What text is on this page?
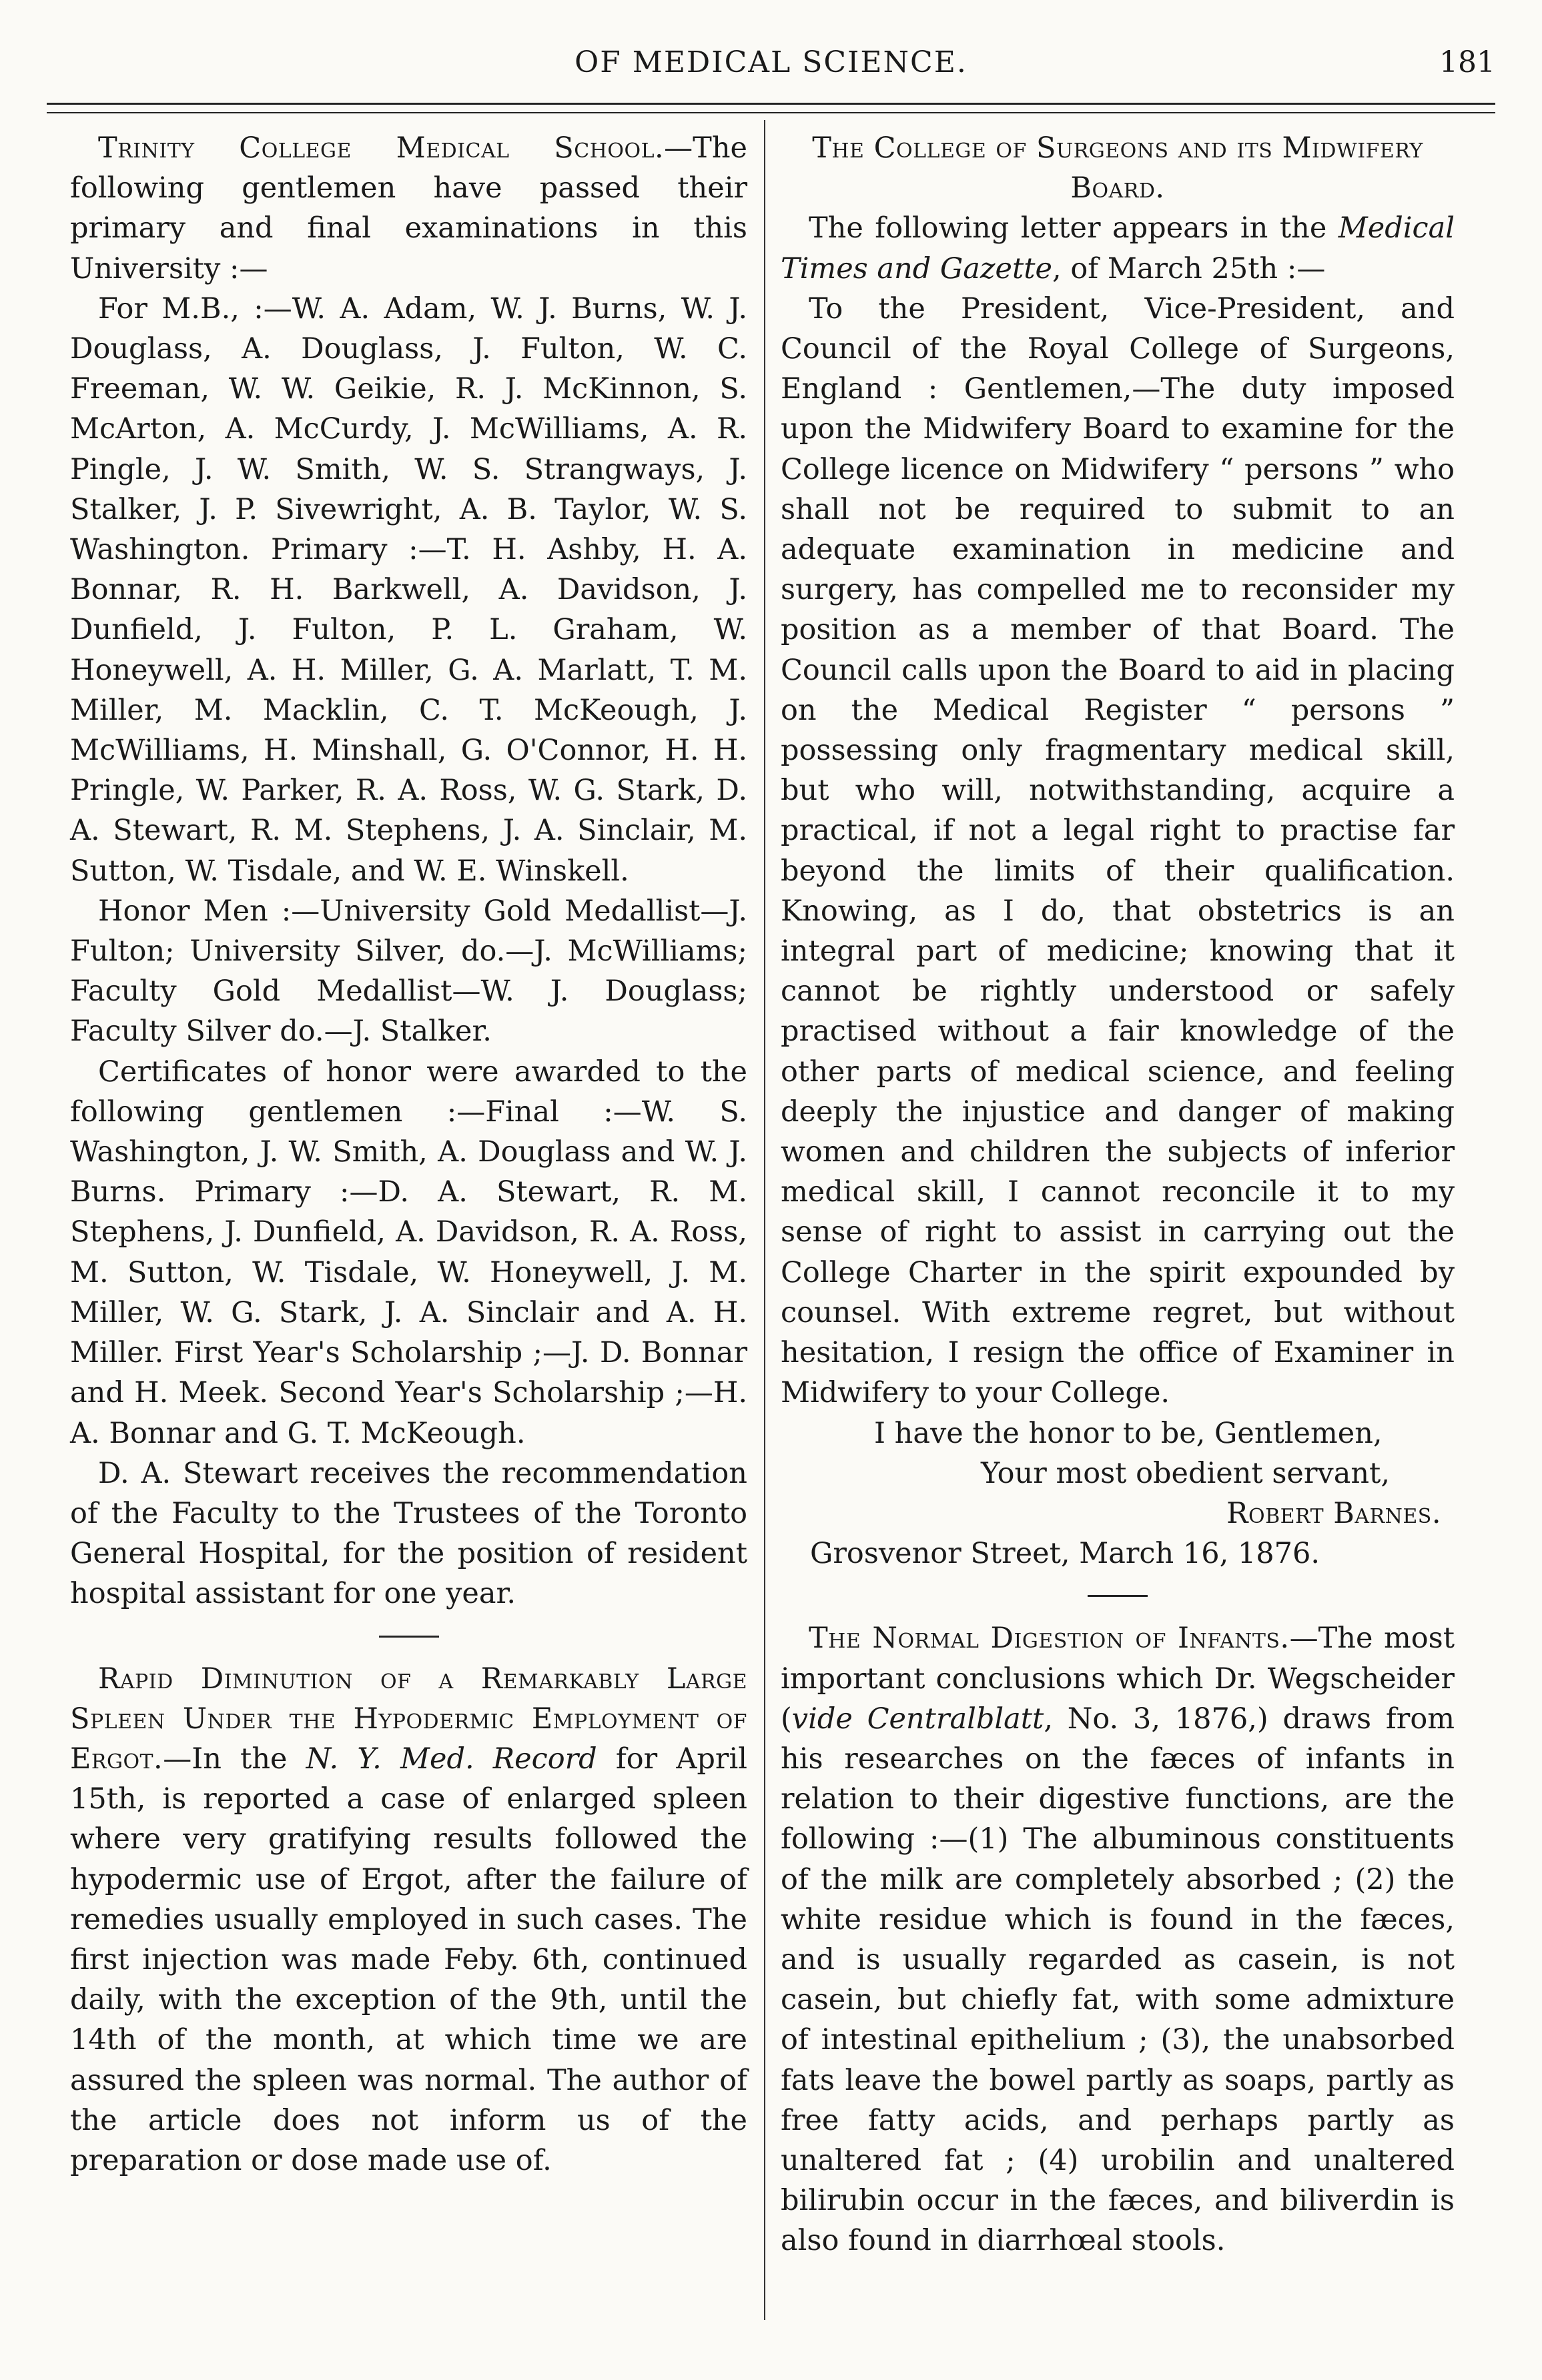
OF MEDICAL SCIENCE.	181

Trinity College Medical School.—The following gentlemen have passed their primary and final examinations in this University :—

For M.B., :—W. A. Adam, W. J. Burns, W. J. Douglass, A. Douglass, J. Fulton, W. C. Freeman, W. W. Geikie, R. J. McKinnon, S. McArton, A. McCurdy, J. McWilliams, A. R. Pingle, J. W. Smith, W. S. Strangways, J. Stalker, J. P. Sivewright, A. B. Taylor, W. S. Washington. Primary :—T. H. Ashby, H. A. Bonnar, R. H. Barkwell, A. Davidson, J. Dunfield, J. Fulton, P. L. Graham, W. Honeywell, A. H. Miller, G. A. Marlatt, T. M. Miller, M. Macklin, C. T. McKeough, J. McWilliams, H. Minshall, G. O'Connor, H. H. Pringle, W. Parker, R. A. Ross, W. G. Stark, D. A. Stewart, R. M. Stephens, J. A. Sinclair, M. Sutton, W. Tisdale, and W. E. Winskell.

Honor Men :—University Gold Medallist—J. Fulton; University Silver, do.—J. McWilliams; Faculty Gold Medallist—W. J. Douglass; Faculty Silver do.—J. Stalker.

Certificates of honor were awarded to the following gentlemen :—Final :—W. S. Washington, J. W. Smith, A. Douglass and W. J. Burns. Primary :—D. A. Stewart, R. M. Stephens, J. Dunfield, A. Davidson, R. A. Ross, M. Sutton, W. Tisdale, W. Honeywell, J. M. Miller, W. G. Stark, J. A. Sinclair and A. H. Miller. First Year's Scholarship ;—J. D. Bonnar and H. Meek. Second Year's Scholarship ;—H. A. Bonnar and G. T. McKeough.

D. A. Stewart receives the recommendation of the Faculty to the Trustees of the Toronto General Hospital, for the position of resident hospital assistant for one year.

Rapid Diminution of a Remarkably Large Spleen Under the Hypodermic Employment of Ergot.—In the N. Y. Med. Record for April 15th, is reported a case of enlarged spleen where very gratifying results followed the hypodermic use of Ergot, after the failure of remedies usually employed in such cases. The first injection was made Feby. 6th, continued daily, with the exception of the 9th, until the 14th of the month, at which time we are assured the spleen was normal. The author of the article does not inform us of the preparation or dose made use of.

The College of Surgeons and its Midwifery Board.

The following letter appears in the Medical Times and Gazette, of March 25th :—

To the President, Vice-President, and Council of the Royal College of Surgeons, England : Gentlemen,—The duty imposed upon the Midwifery Board to examine for the College licence on Midwifery “ persons ” who shall not be required to submit to an adequate examination in medicine and surgery, has compelled me to reconsider my position as a member of that Board. The Council calls upon the Board to aid in placing on the Medical Register “ persons ” possessing only fragmentary medical skill, but who will, notwithstanding, acquire a practical, if not a legal right to practise far beyond the limits of their qualification. Knowing, as I do, that obstetrics is an integral part of medicine; knowing that it cannot be rightly understood or safely practised without a fair knowledge of the other parts of medical science, and feeling deeply the injustice and danger of making women and children the subjects of inferior medical skill, I cannot reconcile it to my sense of right to assist in carrying out the College Charter in the spirit expounded by counsel. With extreme regret, but without hesitation, I resign the office of Examiner in Midwifery to your College.

I have the honor to be, Gentlemen,

Your most obedient servant,

Robert Barnes.

Grosvenor Street, March 16, 1876.

The Normal Digestion of Infants.—The most important conclusions which Dr. Wegscheider (vide Centralblatt, No. 3, 1876,) draws from his researches on the fæces of infants in relation to their digestive functions, are the following :—(1) The albuminous constituents of the milk are completely absorbed ; (2) the white residue which is found in the fæces, and is usually regarded as casein, is not casein, but chiefly fat, with some admixture of intestinal epithelium ; (3), the unabsorbed fats leave the bowel partly as soaps, partly as free fatty acids, and perhaps partly as unaltered fat ; (4) urobilin and unaltered bilirubin occur in the fæces, and biliverdin is also found in diarrhœal stools.
